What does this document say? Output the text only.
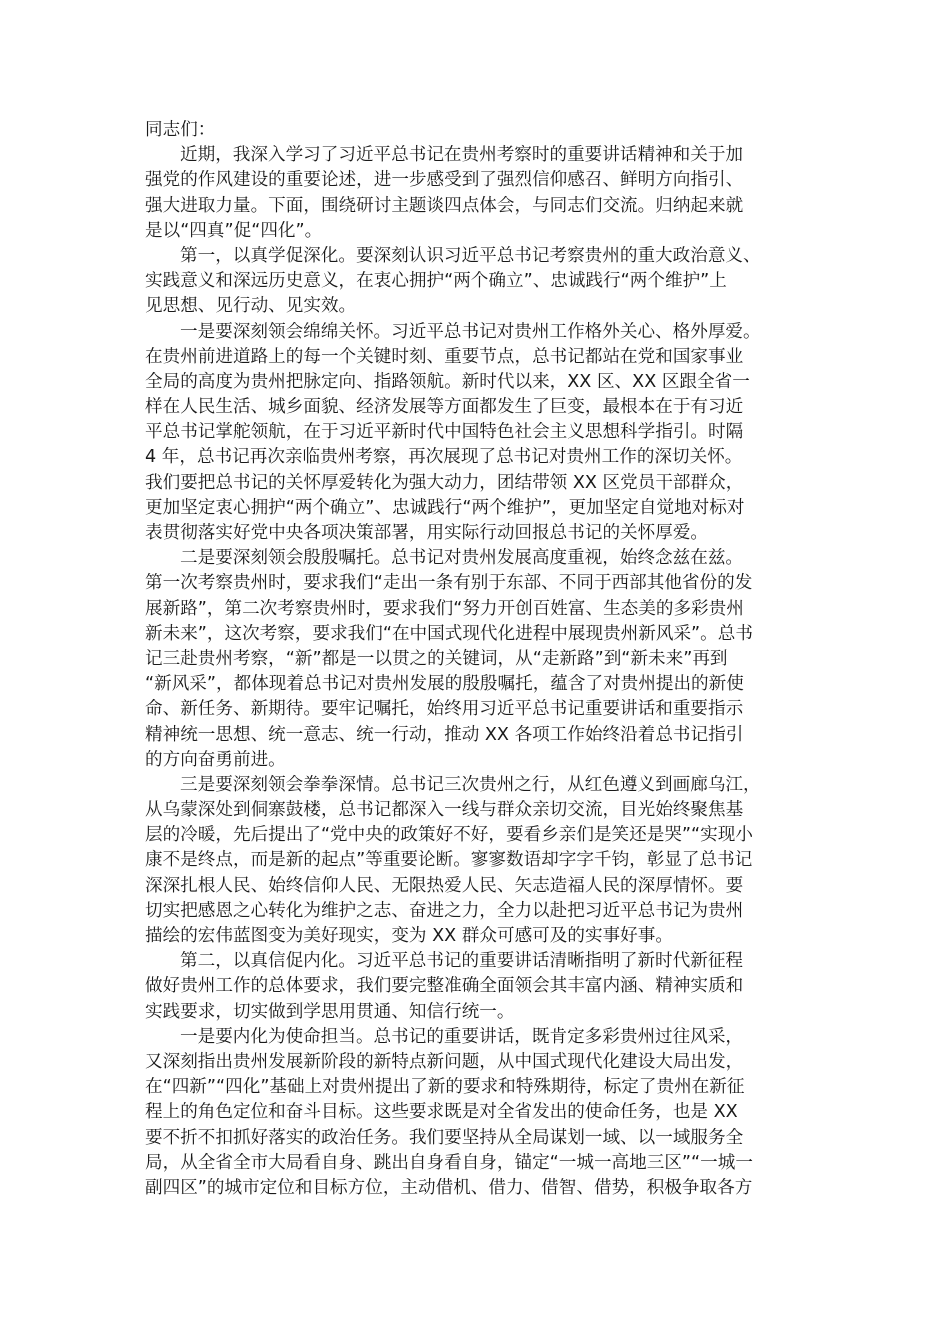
同志们：
近期，我深入学习了习近平总书记在贵州考察时的重要讲话精神和关于加
强党的作风建设的重要论述，进一步感受到了强烈信仰感召、鲜明方向指引、
强大进取力量。下面，围绕研讨主题谈四点体会，与同志们交流。归纳起来就
是以“四真”促“四化”。
第一，以真学促深化。要深刻认识习近平总书记考察贵州的重大政治意义、
实践意义和深远历史意义，在衷心拥护“两个确立”、忠诚践行“两个维护”上
见思想、见行动、见实效。
一是要深刻领会绵绵关怀。习近平总书记对贵州工作格外关心、格外厚爱。
在贵州前进道路上的每一个关键时刻、重要节点，总书记都站在党和国家事业
全局的高度为贵州把脉定向、指路领航。新时代以来，XX 区、XX 区跟全省一
样在人民生活、城乡面貌、经济发展等方面都发生了巨变，最根本在于有习近
平总书记掌舵领航，在于习近平新时代中国特色社会主义思想科学指引。时隔
4 年，总书记再次亲临贵州考察，再次展现了总书记对贵州工作的深切关怀。
我们要把总书记的关怀厚爱转化为强大动力，团结带领 XX 区党员干部群众，
更加坚定衷心拥护“两个确立”、忠诚践行“两个维护”，更加坚定自觉地对标对
表贯彻落实好党中央各项决策部署，用实际行动回报总书记的关怀厚爱。
二是要深刻领会殷殷嘱托。总书记对贵州发展高度重视，始终念兹在兹。
第一次考察贵州时，要求我们“走出一条有别于东部、不同于西部其他省份的发
展新路”，第二次考察贵州时，要求我们“努力开创百姓富、生态美的多彩贵州
新未来”，这次考察，要求我们“在中国式现代化进程中展现贵州新风采”。总书
记三赴贵州考察，“新”都是一以贯之的关键词，从“走新路”到“新未来”再到
“新风采”，都体现着总书记对贵州发展的殷殷嘱托，蕴含了对贵州提出的新使
命、新任务、新期待。要牢记嘱托，始终用习近平总书记重要讲话和重要指示
精神统一思想、统一意志、统一行动，推动 XX 各项工作始终沿着总书记指引
的方向奋勇前进。
三是要深刻领会拳拳深情。总书记三次贵州之行，从红色遵义到画廊乌江，
从乌蒙深处到侗寨鼓楼，总书记都深入一线与群众亲切交流，目光始终聚焦基
层的冷暖，先后提出了“党中央的政策好不好，要看乡亲们是笑还是哭”“实现小
康不是终点，而是新的起点”等重要论断。寥寥数语却字字千钧，彰显了总书记
深深扎根人民、始终信仰人民、无限热爱人民、矢志造福人民的深厚情怀。要
切实把感恩之心转化为维护之志、奋进之力，全力以赴把习近平总书记为贵州
描绘的宏伟蓝图变为美好现实，变为 XX 群众可感可及的实事好事。
第二，以真信促内化。习近平总书记的重要讲话清晰指明了新时代新征程
做好贵州工作的总体要求，我们要完整准确全面领会其丰富内涵、精神实质和
实践要求，切实做到学思用贯通、知信行统一。
一是要内化为使命担当。总书记的重要讲话，既肯定多彩贵州过往风采，
又深刻指出贵州发展新阶段的新特点新问题，从中国式现代化建设大局出发，
在“四新”“四化”基础上对贵州提出了新的要求和特殊期待，标定了贵州在新征
程上的角色定位和奋斗目标。这些要求既是对全省发出的使命任务，也是 XX
要不折不扣抓好落实的政治任务。我们要坚持从全局谋划一域、以一域服务全
局，从全省全市大局看自身、跳出自身看自身，锚定“一城一高地三区”“一城一
副四区”的城市定位和目标方位，主动借机、借力、借智、借势，积极争取各方
